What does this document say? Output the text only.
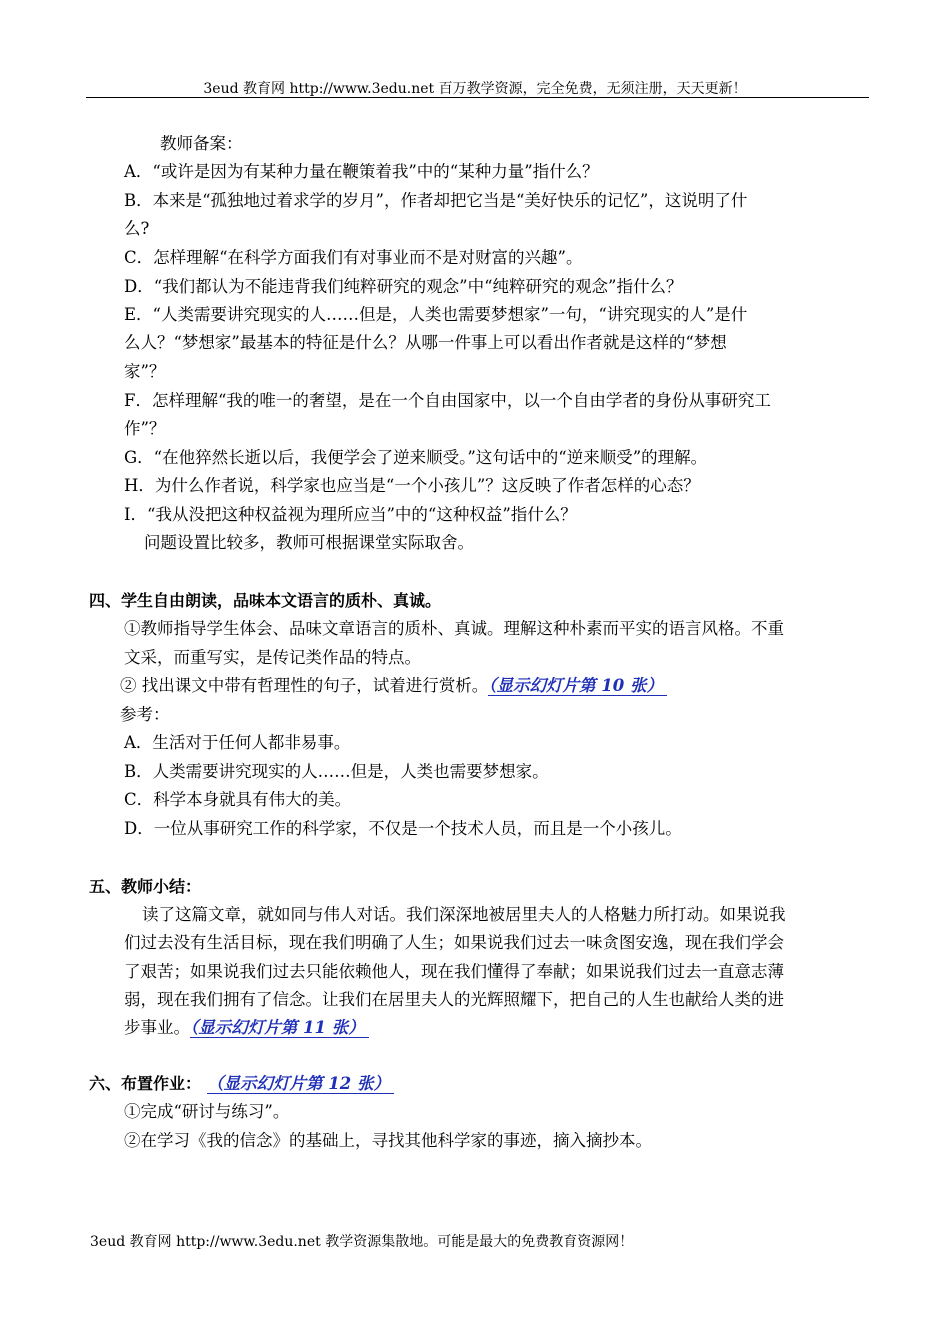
3eud 教育网 http://www.3edu.net 百万教学资源，完全免费，无须注册，天天更新！
教师备案：
A．“或许是因为有某种力量在鞭策着我”中的“某种力量”指什么？
B．本来是“孤独地过着求学的岁月”，作者却把它当是“美好快乐的记忆”，这说明了什
么?
C．怎样理解“在科学方面我们有对事业而不是对财富的兴趣”。
D．“我们都认为不能违背我们纯粹研究的观念”中“纯粹研究的观念”指什么？
E．“人类需要讲究现实的人……但是，人类也需要梦想家”一句，“讲究现实的人”是什
么人？“梦想家”最基本的特征是什么？从哪一件事上可以看出作者就是这样的“梦想
家”？
F．怎样理解“我的唯一的奢望，是在一个自由国家中，以一个自由学者的身份从事研究工
作”？
G．“在他猝然长逝以后，我便学会了逆来顺受。”这句话中的“逆来顺受”的理解。
H．为什么作者说，科学家也应当是“一个小孩儿”？这反映了作者怎样的心态？
I．“我从没把这种权益视为理所应当”中的“这种权益”指什么？
问题设置比较多，教师可根据课堂实际取舍。
四、学生自由朗读，品味本文语言的质朴、真诚。
①教师指导学生体会、品味文章语言的质朴、真诚。理解这种朴素而平实的语言风格。不重
文采，而重写实，是传记类作品的特点。
② 找出课文中带有哲理性的句子，试着进行赏析。（显示幻灯片第 10 张）
参考：
A．生活对于任何人都非易事。
B．人类需要讲究现实的人……但是，人类也需要梦想家。
C．科学本身就具有伟大的美。
D．一位从事研究工作的科学家，不仅是一个技术人员，而且是一个小孩儿。
五、教师小结：
读了这篇文章，就如同与伟人对话。我们深深地被居里夫人的人格魅力所打动。如果说我
们过去没有生活目标，现在我们明确了人生；如果说我们过去一味贪图安逸，现在我们学会
了艰苦；如果说我们过去只能依赖他人，现在我们懂得了奉献；如果说我们过去一直意志薄
弱，现在我们拥有了信念。让我们在居里夫人的光辉照耀下，把自己的人生也献给人类的进
步事业。（显示幻灯片第 11 张）
六、布置作业： （显示幻灯片第 12 张）
①完成“研讨与练习”。
②在学习《我的信念》的基础上，寻找其他科学家的事迹，摘入摘抄本。
3eud 教育网 http://www.3edu.net 教学资源集散地。可能是最大的免费教育资源网！
